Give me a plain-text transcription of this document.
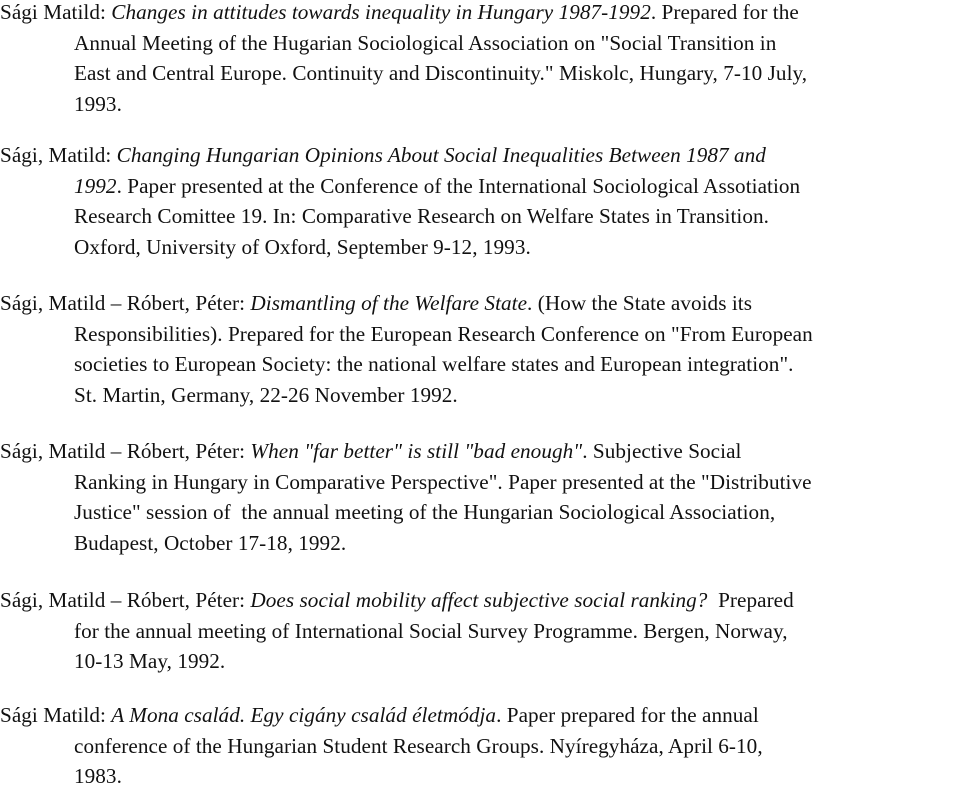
Sági Matild: Changes in attitudes towards inequality in Hungary 1987-1992. Prepared for the
Annual Meeting of the Hugarian Sociological Association on "Social Transition in
East and Central Europe. Continuity and Discontinuity." Miskolc, Hungary, 7-10 July,
1993.
Sági, Matild: Changing Hungarian Opinions About Social Inequalities Between 1987 and
1992. Paper presented at the Conference of the International Sociological Assotiation
Research Comittee 19. In: Comparative Research on Welfare States in Transition.
Oxford, University of Oxford, September 9-12, 1993.
Sági, Matild – Róbert, Péter: Dismantling of the Welfare State. (How the State avoids its
Responsibilities). Prepared for the European Research Conference on "From European
societies to European Society: the national welfare states and European integration".
St. Martin, Germany, 22-26 November 1992.
Sági, Matild – Róbert, Péter: When "far better" is still "bad enough". Subjective Social
Ranking in Hungary in Comparative Perspective". Paper presented at the "Distributive
Justice" session of  the annual meeting of the Hungarian Sociological Association,
Budapest, October 17-18, 1992.
Sági, Matild – Róbert, Péter: Does social mobility affect subjective social ranking?  Prepared
for the annual meeting of International Social Survey Programme. Bergen, Norway,
10-13 May, 1992.
Sági Matild: A Mona család. Egy cigány család életmódja. Paper prepared for the annual
conference of the Hungarian Student Research Groups. Nyíregyháza, April 6-10,
1983.
